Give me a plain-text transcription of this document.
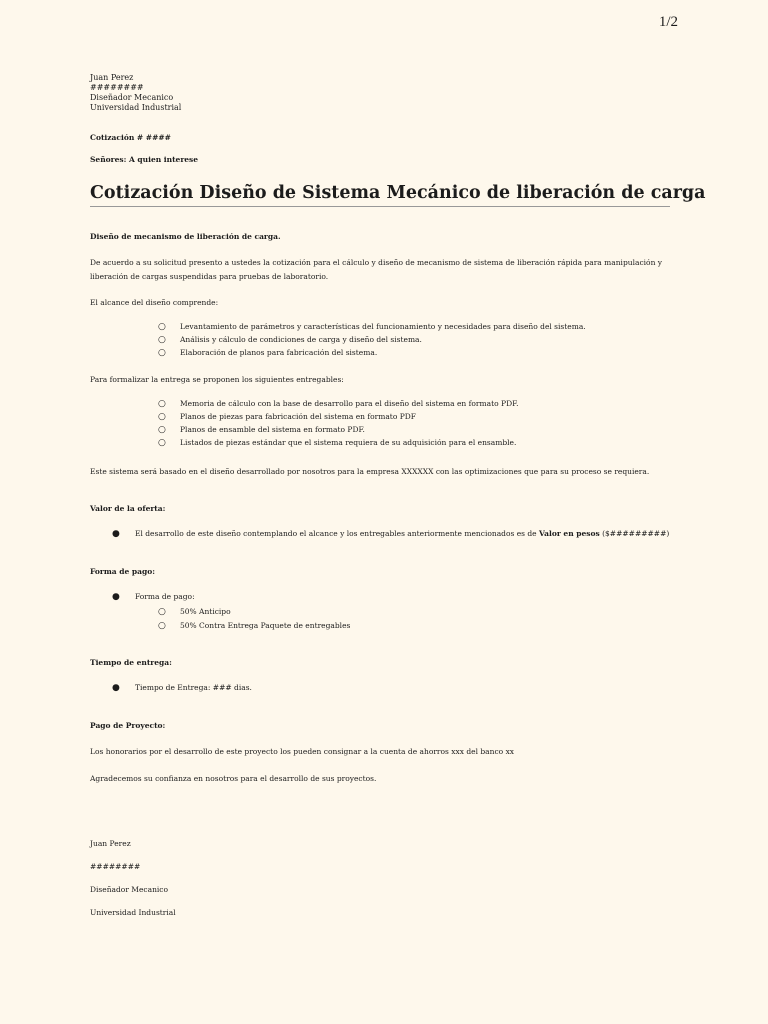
1/2
Juan Perez
########
Diseñador Mecanico
Universidad Industrial
Cotización # ####
Señores: A quien interese
Cotización Diseño de Sistema Mecánico de liberación de carga
Diseño de mecanismo de liberación de carga.

De acuerdo a su solicitud presento a ustedes la cotización para el cálculo y diseño de mecanismo de sistema de liberación rápida para manipulación y liberación de cargas suspendidas para pruebas de laboratorio.

El alcance del diseño comprende:

○	Levantamiento de parámetros y características del funcionamiento y necesidades para diseño del sistema.
○	Análisis y cálculo de condiciones de carga y diseño del sistema.
○	Elaboración de planos para fabricación del sistema.

Para formalizar la entrega se proponen los siguientes entregables:

○	Memoria de cálculo con la base de desarrollo para el diseño del sistema en formato PDF.
○	Planos de piezas para fabricación del sistema en formato PDF
○	Planos de ensamble del sistema en formato PDF.
○	Listados de piezas estándar que el sistema requiera de su adquisición para el ensamble.

Este sistema será basado en el diseño desarrollado por nosotros para la empresa XXXXXX con las optimizaciones que para su proceso se requiera.

Valor de la oferta:
●	El desarrollo de este diseño contemplando el alcance y los entregables anteriormente mencionados es de Valor en pesos ($#########)
Forma de pago:
●	Forma de pago:
○	50% Anticipo
○	50% Contra Entrega Paquete de entregables
Tiempo de entrega:
●	Tiempo de Entrega: ### dias.
Pago de Proyecto:

Los honorarios por el desarrollo de este proyecto los pueden consignar a la cuenta de ahorros xxx del banco xx

Agradecemos su confianza en nosotros para el desarrollo de sus proyectos.

Juan Perez
########
Diseñador Mecanico
Universidad Industrial
